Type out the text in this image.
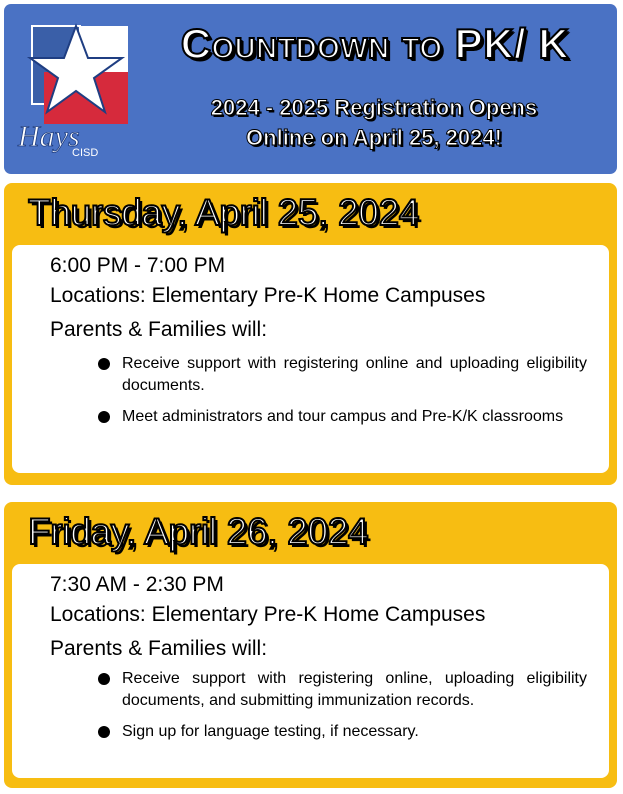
Hays
CISD
Countdown to PK/ K
2024 - 2025 Registration Opens
Online on April 25, 2024!
Thursday, April 25, 2024
6:00 PM - 7:00 PM
Locations: Elementary Pre-K Home Campuses
Parents & Families will:
Receive support with registering online and uploading eligibility documents.
Meet administrators and tour campus and Pre-K/K classrooms
Friday, April 26, 2024
7:30 AM - 2:30 PM
Locations: Elementary Pre-K Home Campuses
Parents & Families will:
Receive support with registering online, uploading eligibility documents, and submitting immunization records.
Sign up for language testing, if necessary.
